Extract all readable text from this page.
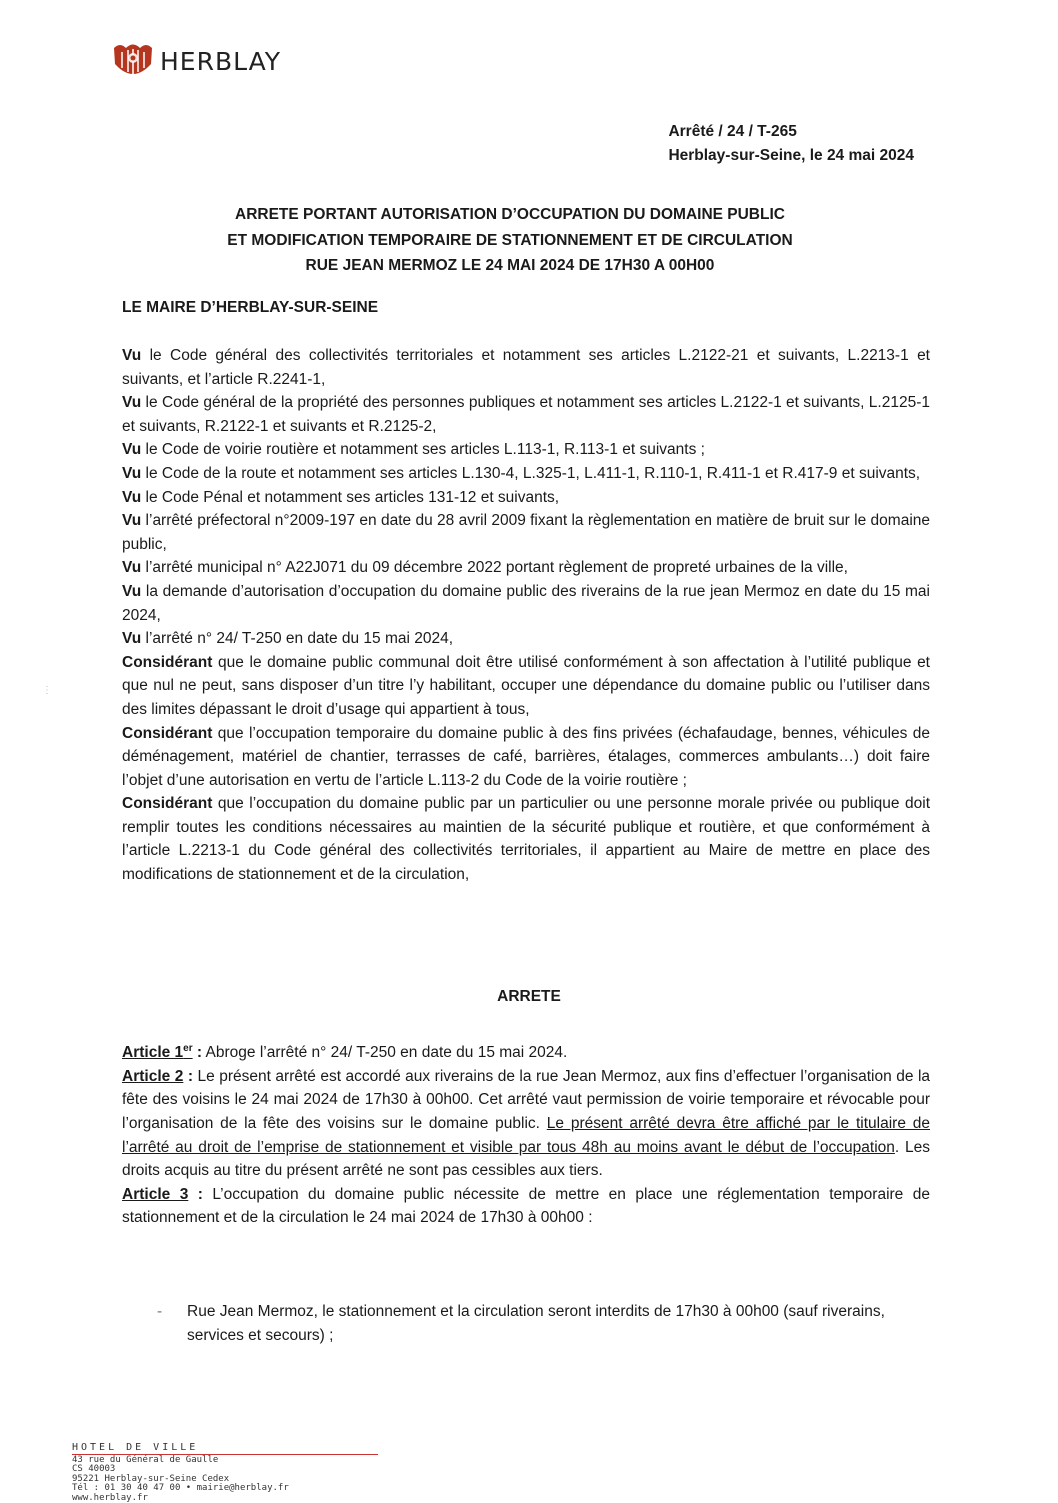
HERBLAY
Arrêté / 24 / T-265
Herblay-sur-Seine, le 24 mai 2024
ARRETE PORTANT AUTORISATION D’OCCUPATION DU DOMAINE PUBLIC
ET MODIFICATION TEMPORAIRE DE STATIONNEMENT ET DE CIRCULATION
RUE JEAN MERMOZ LE 24 MAI 2024 DE 17H30 A 00H00
LE MAIRE D’HERBLAY-SUR-SEINE

Vu le Code général des collectivités territoriales et notamment ses articles L.2122-21 et suivants, L.2213-1 et suivants, et l’article R.2241-1,

Vu le Code général de la propriété des personnes publiques et notamment ses articles L.2122-1 et suivants, L.2125-1 et suivants, R.2122-1 et suivants et R.2125-2,

Vu le Code de voirie routière et notamment ses articles L.113-1, R.113-1 et suivants ;

Vu le Code de la route et notamment ses articles L.130-4, L.325-1, L.411-1, R.110-1, R.411-1 et R.417-9 et suivants,

Vu le Code Pénal et notamment ses articles 131-12 et suivants,

Vu l’arrêté préfectoral n°2009-197 en date du 28 avril 2009 fixant la règlementation en matière de bruit sur le domaine public,

Vu l’arrêté municipal n° A22J071 du 09 décembre 2022 portant règlement de propreté urbaines de la ville,

Vu la demande d’autorisation d’occupation du domaine public des riverains de la rue jean Mermoz en date du 15 mai 2024,

Vu l’arrêté n° 24/ T-250 en date du 15 mai 2024,

Considérant que le domaine public communal doit être utilisé conformément à son affectation à l’utilité publique et que nul ne peut, sans disposer d’un titre l’y habilitant, occuper une dépendance du domaine public ou l’utiliser dans des limites dépassant le droit d’usage qui appartient à tous,

Considérant que l’occupation temporaire du domaine public à des fins privées (échafaudage, bennes, véhicules de déménagement, matériel de chantier, terrasses de café, barrières, étalages, commerces ambulants…) doit faire l’objet d’une autorisation en vertu de l’article L.113-2 du Code de la voirie routière ;

Considérant que l’occupation du domaine public par un particulier ou une personne morale privée ou publique doit remplir toutes les conditions nécessaires au maintien de la sécurité publique et routière, et que conformément à l’article L.2213-1 du Code général des collectivités territoriales, il appartient au Maire de mettre en place des modifications de stationnement et de la circulation,

ARRETE

Article 1er : Abroge l’arrêté n° 24/ T-250 en date du 15 mai 2024.

Article 2 : Le présent arrêté est accordé aux riverains de la rue Jean Mermoz, aux fins d’effectuer l’organisation de la fête des voisins le 24 mai 2024 de 17h30 à 00h00. Cet arrêté vaut permission de voirie temporaire et révocable pour l’organisation de la fête des voisins sur le domaine public. Le présent arrêté devra être affiché par le titulaire de l’arrêté au droit de l’emprise de stationnement et visible par tous 48h au moins avant le début de l’occupation. Les droits acquis au titre du présent arrêté ne sont pas cessibles aux tiers.

Article 3 : L’occupation du domaine public nécessite de mettre en place une réglementation temporaire de stationnement et de la circulation le 24 mai 2024 de 17h30 à 00h00 :

-	Rue Jean Mermoz, le stationnement et la circulation seront interdits de 17h30 à 00h00 (sauf riverains, services et secours) ;
⋮
HOTEL DE VILLE
43 rue du Général de Gaulle
CS 40003
95221 Herblay-sur-Seine Cedex
Tél : 01 30 40 47 00 • mairie@herblay.fr
www.herblay.fr
